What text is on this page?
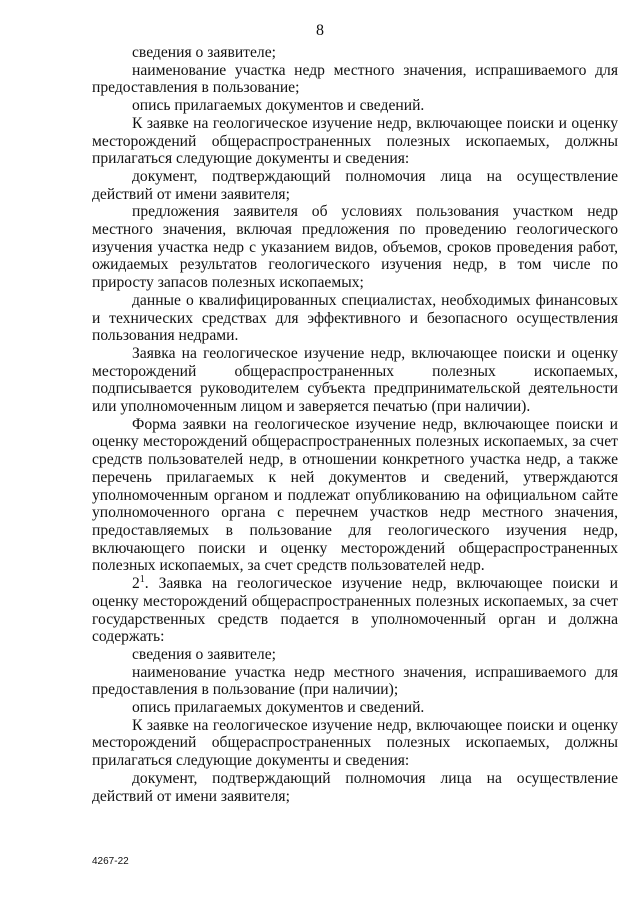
8

сведения о заявителе;

наименование участка недр местного значения, испрашиваемого для предоставления в пользование;

опись прилагаемых документов и сведений.

К заявке на геологическое изучение недр, включающее поиски и оценку месторождений общераспространенных полезных ископаемых, должны прилагаться следующие документы и сведения:

документ, подтверждающий полномочия лица на осуществление действий от имени заявителя;

предложения заявителя об условиях пользования участком недр местного значения, включая предложения по проведению геологического изучения участка недр с указанием видов, объемов, сроков проведения работ, ожидаемых результатов геологического изучения недр, в том числе по приросту запасов полезных ископаемых;

данные о квалифицированных специалистах, необходимых финансовых и технических средствах для эффективного и безопасного осуществления пользования недрами.

Заявка на геологическое изучение недр, включающее поиски и оценку месторождений общераспространенных полезных ископаемых, подписывается руководителем субъекта предпринимательской деятельности или уполномоченным лицом и заверяется печатью (при наличии).

Форма заявки на геологическое изучение недр, включающее поиски и оценку месторождений общераспространенных полезных ископаемых, за счет средств пользователей недр, в отношении конкретного участка недр, а также перечень прилагаемых к ней документов и сведений, утверждаются уполномоченным органом и подлежат опубликованию на официальном сайте уполномоченного органа с перечнем участков недр местного значения, предоставляемых в пользование для геологического изучения недр, включающего поиски и оценку месторождений общераспространенных полезных ископаемых, за счет средств пользователей недр.

$2^1$. Заявка на геологическое изучение недр, включающее поиски и оценку месторождений общераспространенных полезных ископаемых, за счет государственных средств подается в уполномоченный орган и должна содержать:

сведения о заявителе;

наименование участка недр местного значения, испрашиваемого для предоставления в пользование (при наличии);

опись прилагаемых документов и сведений.

К заявке на геологическое изучение недр, включающее поиски и оценку месторождений общераспространенных полезных ископаемых, должны прилагаться следующие документы и сведения:

документ, подтверждающий полномочия лица на осуществление действий от имени заявителя;

4267-22
